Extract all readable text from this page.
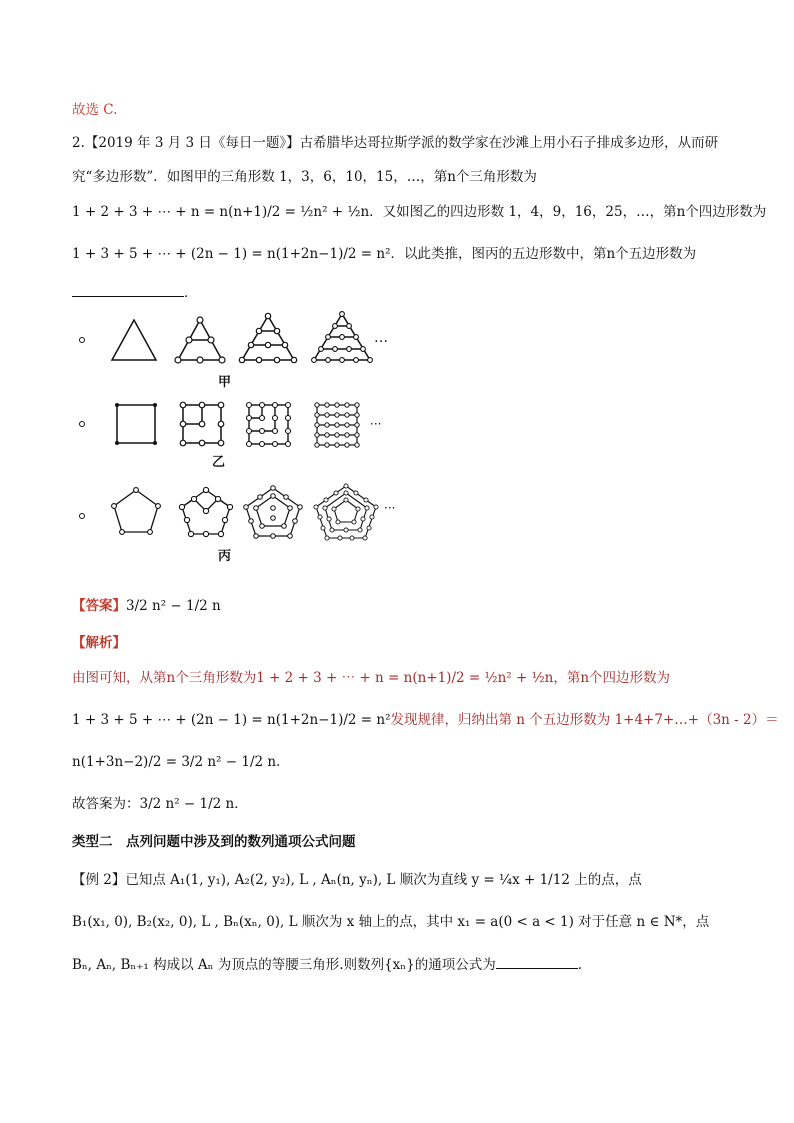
故选 C.
2.【2019 年 3 月 3 日《每日一题》】古希腊毕达哥拉斯学派的数学家在沙滩上用小石子排成多边形，从而研
究“多边形数”．如图甲的三角形数 1，3，6，10，15，…，第n个三角形数为
1 + 2 + 3 + ⋯ + n = n(n+1)/2 = ½n² + ½n．又如图乙的四边形数 1，4，9，16，25，…，第n个四边形数为
1 + 3 + 5 + ⋯ + (2n − 1) = n(1+2n−1)/2 = n²．以此类推，图丙的五边形数中，第n个五边形数为
．
…
甲
···
乙
···
丙
【答案】3/2 n² − 1/2 n
【解析】
由图可知，从第n个三角形数为1 + 2 + 3 + ⋯ + n = n(n+1)/2 = ½n² + ½n，第n个四边形数为
1 + 3 + 5 + ⋯ + (2n − 1) = n(1+2n−1)/2 = n²发现规律，归纳出第 n 个五边形数为 1+4+7+…+（3n - 2）＝
n(1+3n−2)/2 = 3/2 n² − 1/2 n．
故答案为：3/2 n² − 1/2 n．
类型二　点列问题中涉及到的数列通项公式问题
【例 2】已知点 A₁(1, y₁), A₂(2, y₂), L , Aₙ(n, yₙ), L 顺次为直线 y = ¼x + 1/12 上的点，点
B₁(x₁, 0), B₂(x₂, 0), L , Bₙ(xₙ, 0), L 顺次为 x 轴上的点，其中 x₁ = a(0 < a < 1) 对于任意 n ∈ N*，点
Bₙ, Aₙ, Bₙ₊₁ 构成以 Aₙ 为顶点的等腰三角形.则数列{xₙ}的通项公式为	.
